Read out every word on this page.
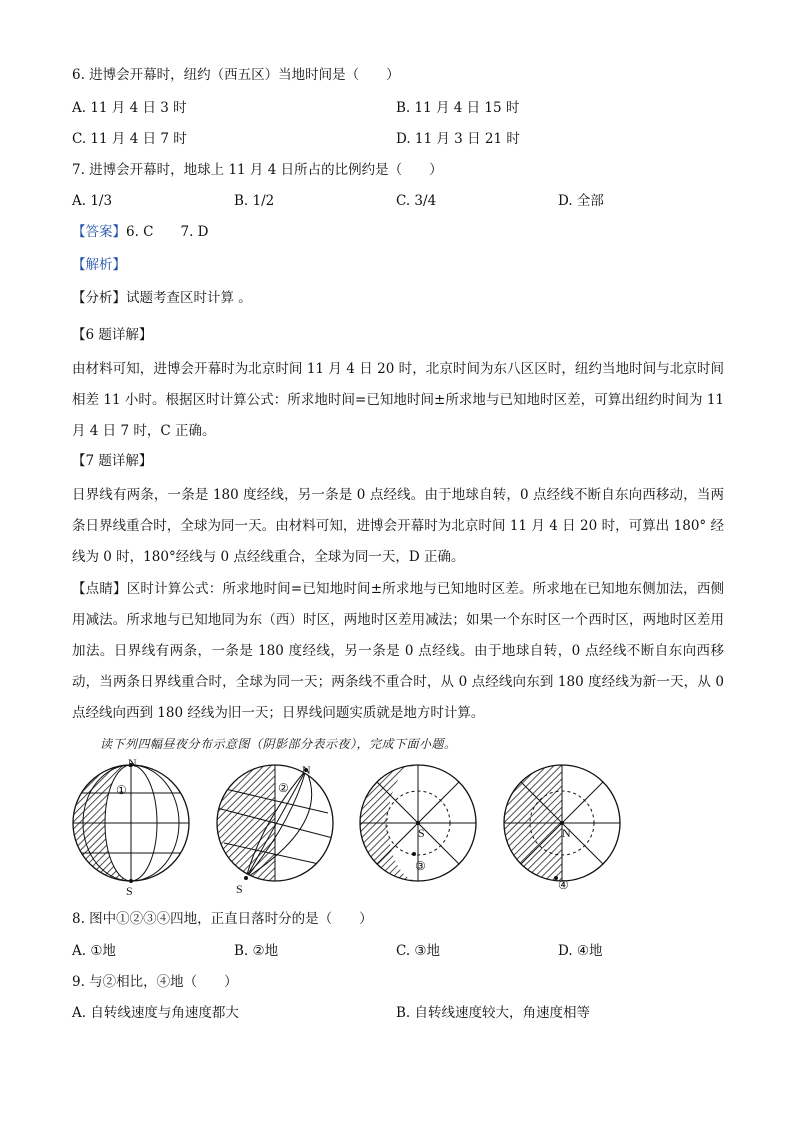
6. 进博会开幕时，纽约（西五区）当地时间是（　　）
A. 11 月 4 日 3 时	B. 11 月 4 日 15 时
C. 11 月 4 日 7 时	D. 11 月 3 日 21 时
7. 进博会开幕时，地球上 11 月 4 日所占的比例约是（　　）
A. 1/3	B. 1/2	C. 3/4	D. 全部
【答案】6. C　　7. D
【解析】
【分析】试题考查区时计算 。
【6 题详解】
由材料可知，进博会开幕时为北京时间 11 月 4 日 20 时，北京时间为东八区区时，纽约当地时间与北京时间相差 11 小时。根据区时计算公式：所求地时间=已知地时间±所求地与已知地时区差，可算出纽约时间为 11 月 4 日 7 时，C 正确。
【7 题详解】
日界线有两条，一条是 180 度经线，另一条是 0 点经线。由于地球自转，0 点经线不断自东向西移动，当两条日界线重合时，全球为同一天。由材料可知，进博会开幕时为北京时间 11 月 4 日 20 时，可算出 180° 经线为 0 时，180°经线与 0 点经线重合，全球为同一天，D 正确。
【点睛】区时计算公式：所求地时间=已知地时间±所求地与已知地时区差。所求地在已知地东侧加法，西侧用减法。所求地与已知地同为东（西）时区，两地时区差用减法；如果一个东时区一个西时区，两地时区差用加法。日界线有两条，一条是 180 度经线，另一条是 0 点经线。由于地球自转，0 点经线不断自东向西移动，当两条日界线重合时，全球为同一天；两条线不重合时，从 0 点经线向东到 180 度经线为新一天，从 0 点经线向西到 180 经线为旧一天；日界线问题实质就是地方时计算。
读下列四幅昼夜分布示意图（阴影部分表示夜），完成下面小题。
N
S
①
N
S
②
S
③
N
④
8. 图中①②③④四地，正直日落时分的是（　　）
A. ①地	B. ②地	C. ③地	D. ④地
9. 与②相比，④地（　　）
A. 自转线速度与角速度都大	B. 自转线速度较大，角速度相等
